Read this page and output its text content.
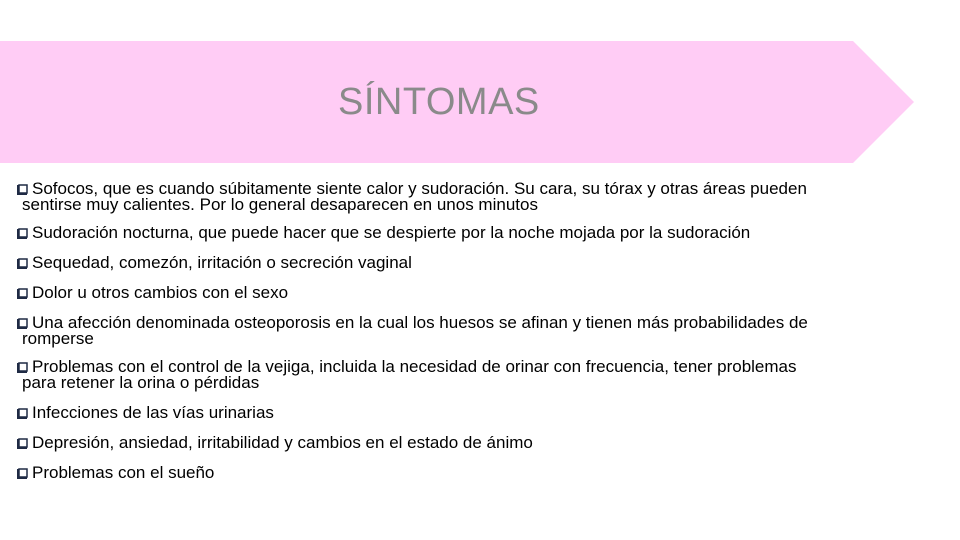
SÍNTOMAS
Sofocos, que es cuando súbitamente siente calor y sudoración. Su cara, su tórax y otras áreas pueden
sentirse muy calientes. Por lo general desaparecen en unos minutos
Sudoración nocturna, que puede hacer que se despierte por la noche mojada por la sudoración
Sequedad, comezón, irritación o secreción vaginal
Dolor u otros cambios con el sexo
Una afección denominada osteoporosis en la cual los huesos se afinan y tienen más probabilidades de
romperse
Problemas con el control de la vejiga, incluida la necesidad de orinar con frecuencia, tener problemas
para retener la orina o pérdidas
Infecciones de las vías urinarias
Depresión, ansiedad, irritabilidad y cambios en el estado de ánimo
Problemas con el sueño
